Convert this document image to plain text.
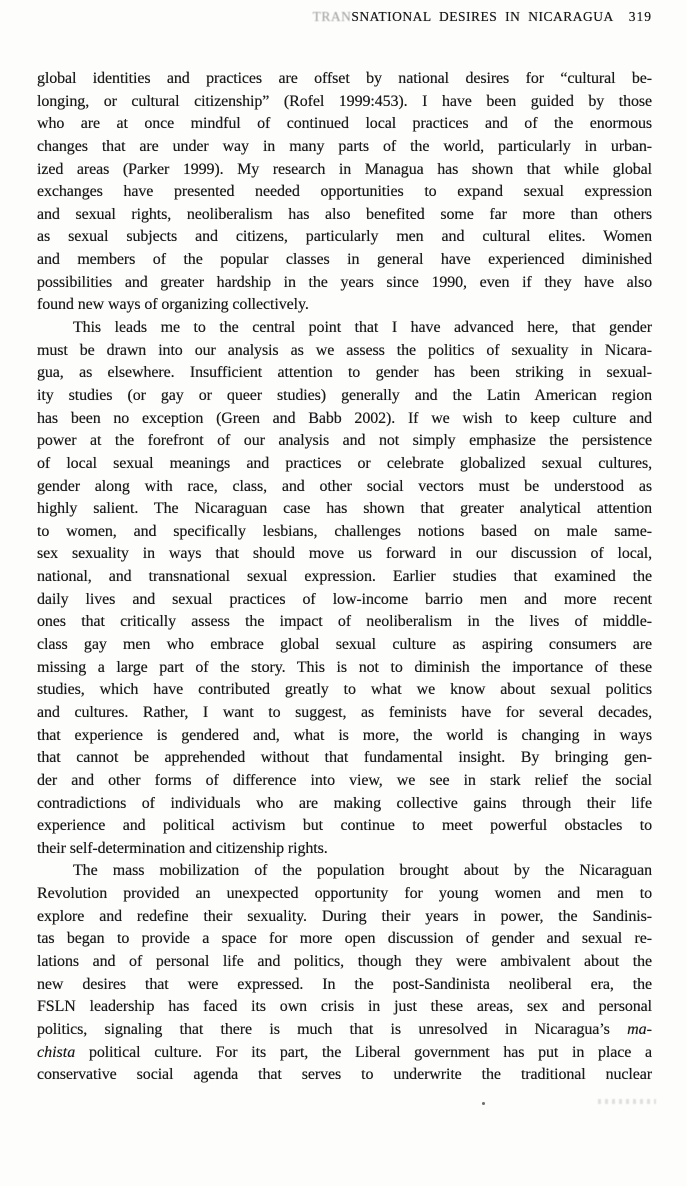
TRANSNATIONAL DESIRES IN NICARAGUA 319
global identities and practices are offset by national desires for “cultural be-
longing, or cultural citizenship” (Rofel 1999:453). I have been guided by those
who are at once mindful of continued local practices and of the enormous
changes that are under way in many parts of the world, particularly in urban-
ized areas (Parker 1999). My research in Managua has shown that while global
exchanges have presented needed opportunities to expand sexual expression
and sexual rights, neoliberalism has also benefited some far more than others
as sexual subjects and citizens, particularly men and cultural elites. Women
and members of the popular classes in general have experienced diminished
possibilities and greater hardship in the years since 1990, even if they have also
found new ways of organizing collectively.
This leads me to the central point that I have advanced here, that gender
must be drawn into our analysis as we assess the politics of sexuality in Nicara-
gua, as elsewhere. Insufficient attention to gender has been striking in sexual-
ity studies (or gay or queer studies) generally and the Latin American region
has been no exception (Green and Babb 2002). If we wish to keep culture and
power at the forefront of our analysis and not simply emphasize the persistence
of local sexual meanings and practices or celebrate globalized sexual cultures,
gender along with race, class, and other social vectors must be understood as
highly salient. The Nicaraguan case has shown that greater analytical attention
to women, and specifically lesbians, challenges notions based on male same-
sex sexuality in ways that should move us forward in our discussion of local,
national, and transnational sexual expression. Earlier studies that examined the
daily lives and sexual practices of low-income barrio men and more recent
ones that critically assess the impact of neoliberalism in the lives of middle-
class gay men who embrace global sexual culture as aspiring consumers are
missing a large part of the story. This is not to diminish the importance of these
studies, which have contributed greatly to what we know about sexual politics
and cultures. Rather, I want to suggest, as feminists have for several decades,
that experience is gendered and, what is more, the world is changing in ways
that cannot be apprehended without that fundamental insight. By bringing gen-
der and other forms of difference into view, we see in stark relief the social
contradictions of individuals who are making collective gains through their life
experience and political activism but continue to meet powerful obstacles to
their self-determination and citizenship rights.
The mass mobilization of the population brought about by the Nicaraguan
Revolution provided an unexpected opportunity for young women and men to
explore and redefine their sexuality. During their years in power, the Sandinis-
tas began to provide a space for more open discussion of gender and sexual re-
lations and of personal life and politics, though they were ambivalent about the
new desires that were expressed. In the post-Sandinista neoliberal era, the
FSLN leadership has faced its own crisis in just these areas, sex and personal
politics, signaling that there is much that is unresolved in Nicaragua’s ma-
chista political culture. For its part, the Liberal government has put in place a
conservative social agenda that serves to underwrite the traditional nuclear
